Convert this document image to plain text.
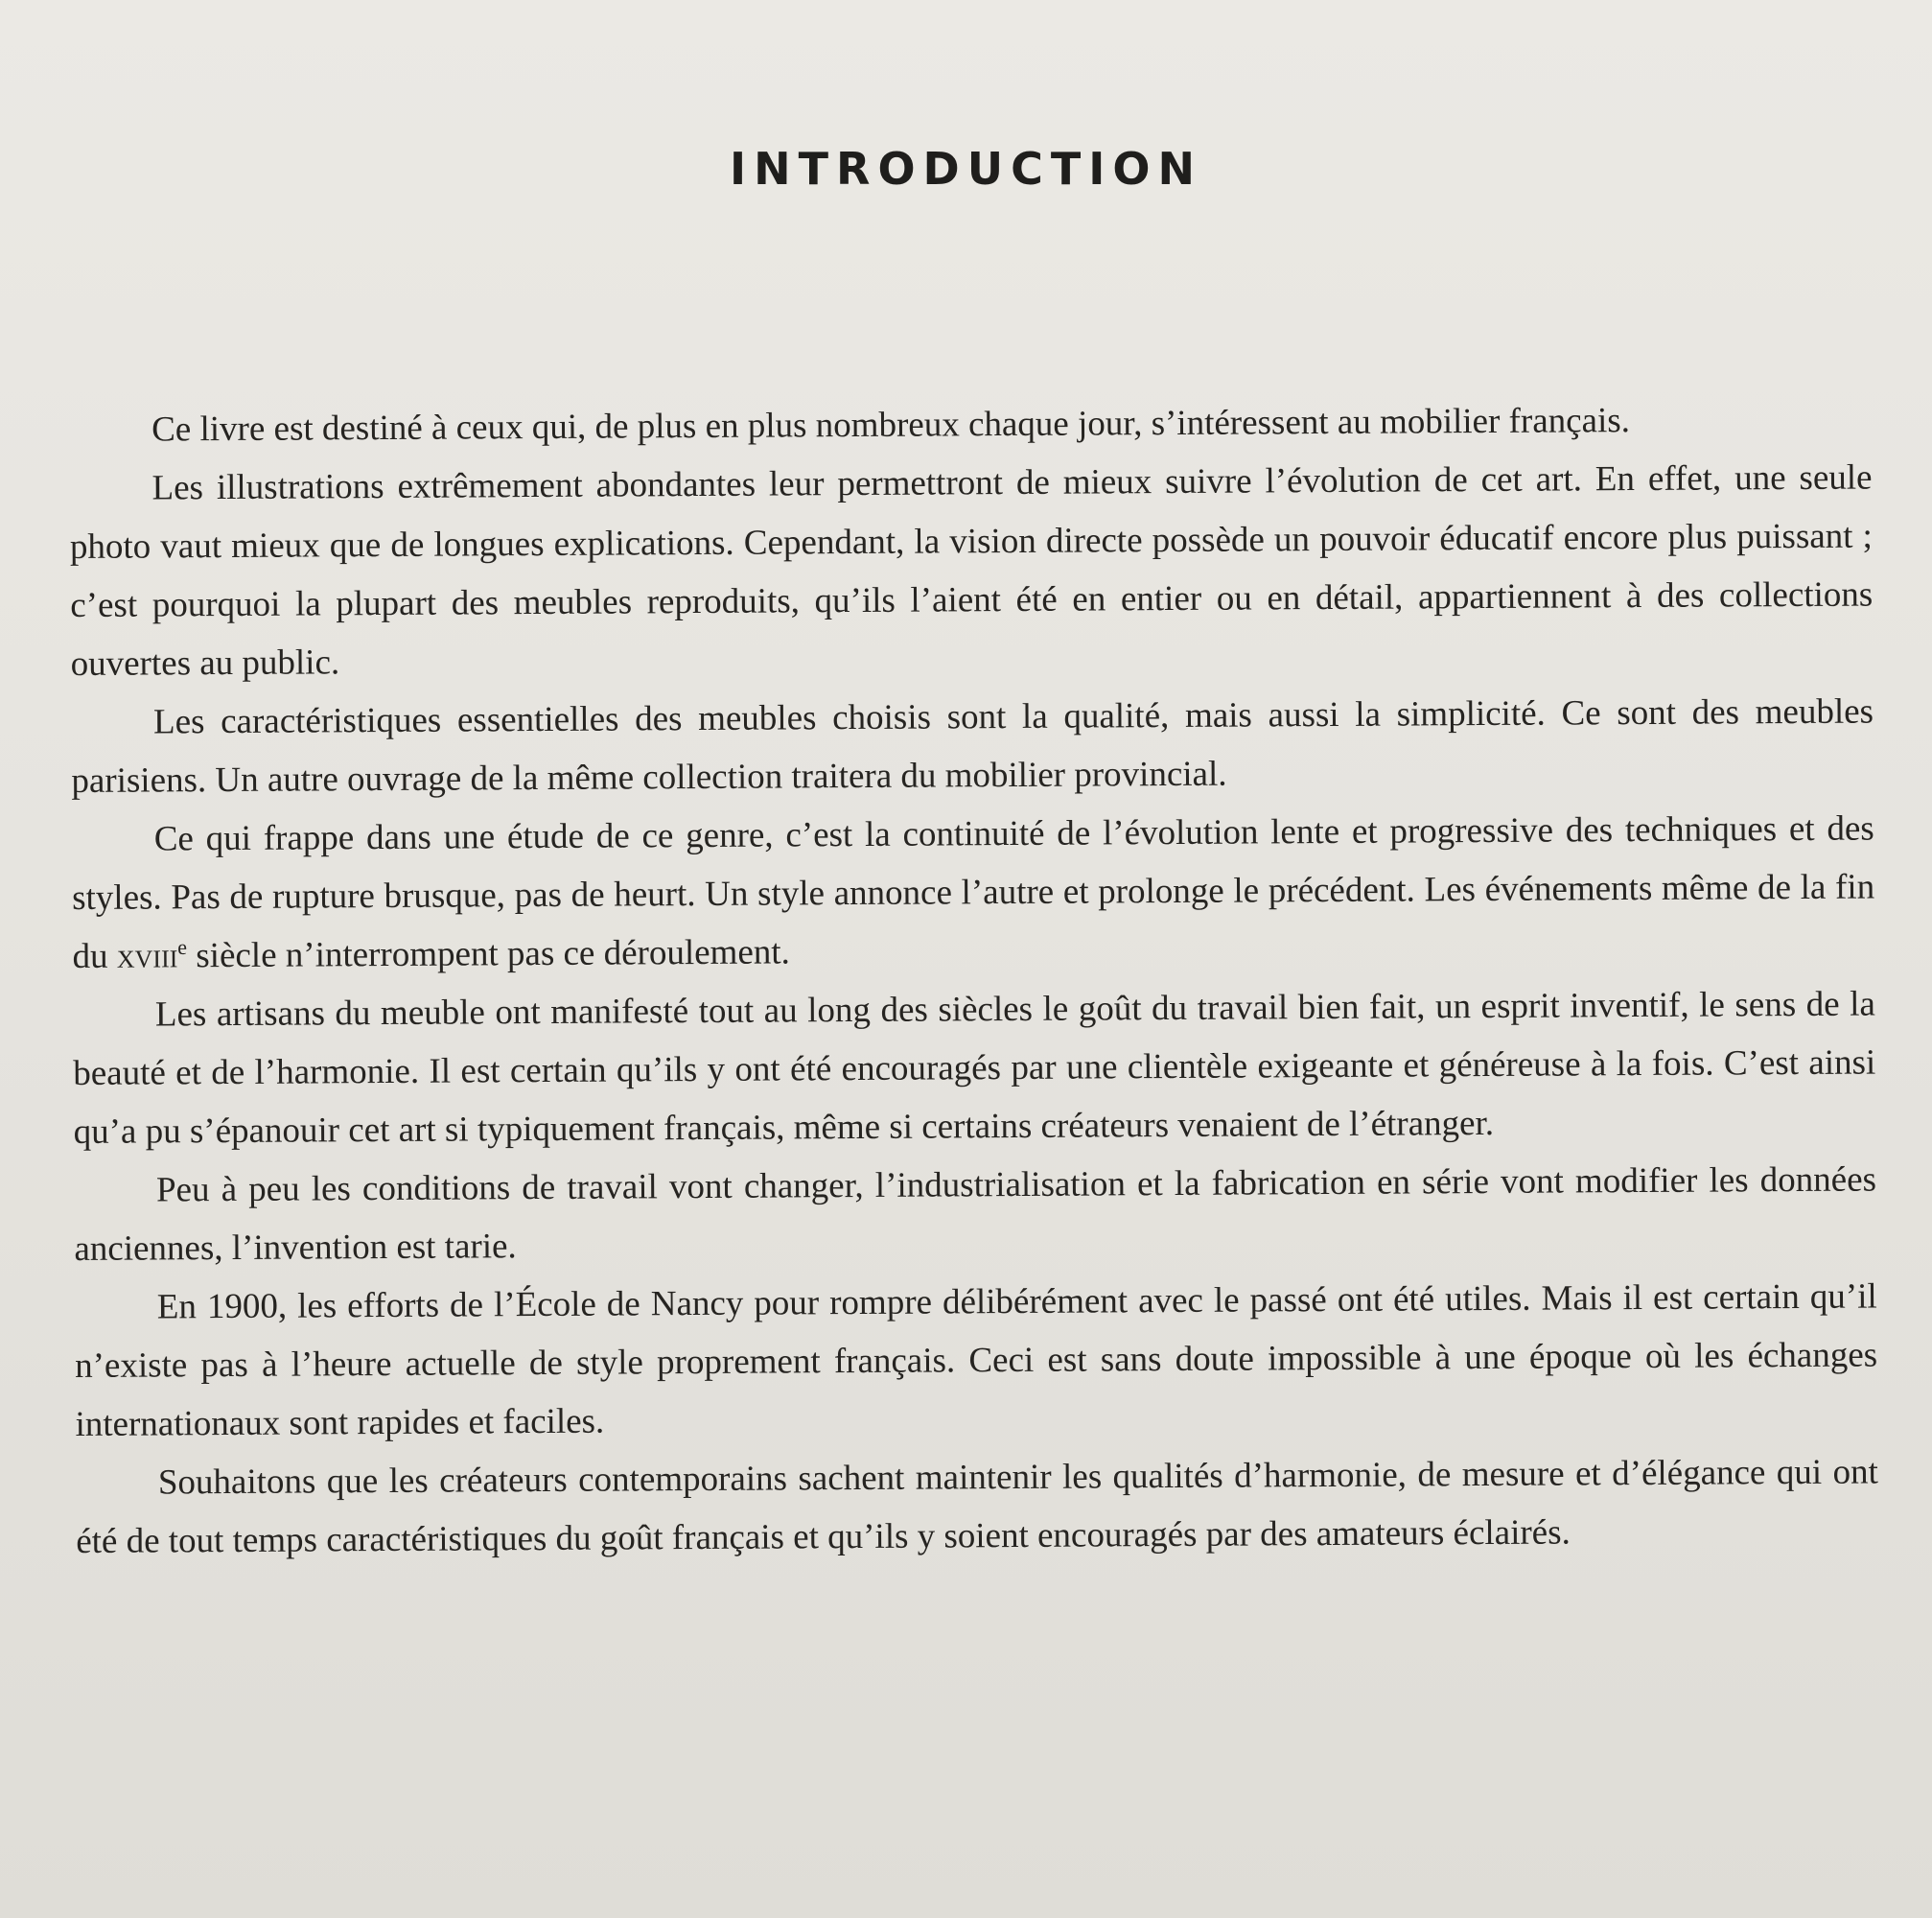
INTRODUCTION

Ce livre est destiné à ceux qui, de plus en plus nombreux chaque jour, s’intéressent au mobilier français.

Les illustrations extrêmement abondantes leur permettront de mieux suivre l’évolution de cet art. En effet, une seule photo vaut mieux que de longues explications. Cependant, la vision directe possède un pouvoir éducatif encore plus puissant ; c’est pourquoi la plupart des meubles reproduits, qu’ils l’aient été en entier ou en détail, appartiennent à des collections ouvertes au public.

Les caractéristiques essentielles des meubles choisis sont la qualité, mais aussi la simplicité. Ce sont des meubles parisiens. Un autre ouvrage de la même collection traitera du mobilier provincial.

Ce qui frappe dans une étude de ce genre, c’est la continuité de l’évolution lente et progressive des techniques et des styles. Pas de rupture brusque, pas de heurt. Un style annonce l’autre et prolonge le précédent. Les événements même de la fin du xviii$^e$ siècle n’interrompent pas ce déroulement.

Les artisans du meuble ont manifesté tout au long des siècles le goût du travail bien fait, un esprit inventif, le sens de la beauté et de l’harmonie. Il est certain qu’ils y ont été encouragés par une clientèle exigeante et généreuse à la fois. C’est ainsi qu’a pu s’épanouir cet art si typiquement français, même si certains créateurs venaient de l’étranger.

Peu à peu les conditions de travail vont changer, l’industrialisation et la fabrication en série vont modifier les données anciennes, l’invention est tarie.

En 1900, les efforts de l’École de Nancy pour rompre délibérément avec le passé ont été utiles. Mais il est certain qu’il n’existe pas à l’heure actuelle de style proprement français. Ceci est sans doute impossible à une époque où les échanges internationaux sont rapides et faciles.

Souhaitons que les créateurs contemporains sachent maintenir les qualités d’harmonie, de mesure et d’élégance qui ont été de tout temps caractéristiques du goût français et qu’ils y soient encouragés par des amateurs éclairés.
